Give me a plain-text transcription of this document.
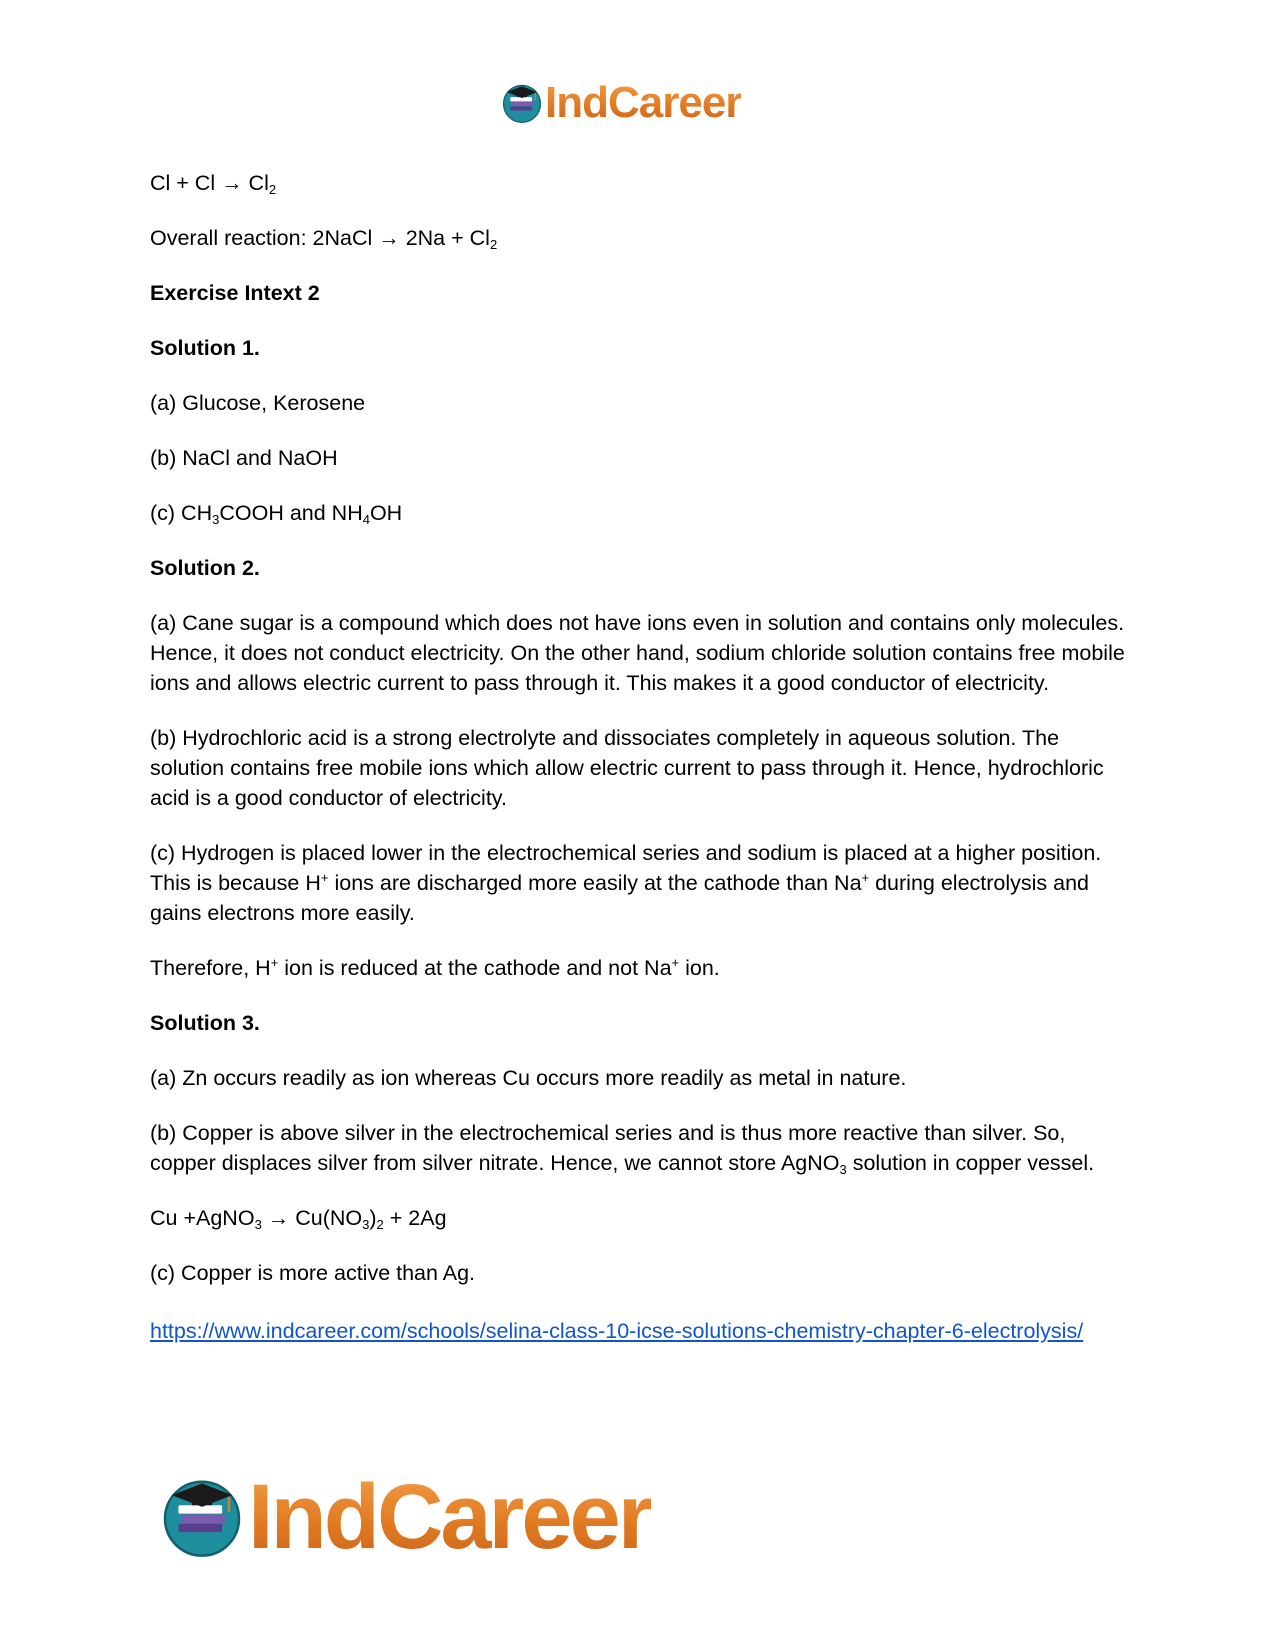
IndCareer

$Cl + Cl \to Cl_2$

Overall reaction: 2NaCl → $2Na + Cl_2$

Exercise Intext 2

Solution 1.

(a) Glucose, Kerosene

(b) NaCl and NaOH

(c) $CH_3COOH$ and $NH_4OH$

Solution 2.

(a) Cane sugar is a compound which does not have ions even in solution and contains only molecules. Hence, it does not conduct electricity. On the other hand, sodium chloride solution contains free mobile ions and allows electric current to pass through it. This makes it a good conductor of electricity.

(b) Hydrochloric acid is a strong electrolyte and dissociates completely in aqueous solution. The solution contains free mobile ions which allow electric current to pass through it. Hence, hydrochloric acid is a good conductor of electricity.

(c) Hydrogen is placed lower in the electrochemical series and sodium is placed at a higher position. This is because H+ ions are discharged more easily at the cathode than Na+ during electrolysis and gains electrons more easily.

Therefore, H+ ion is reduced at the cathode and not Na+ ion.

Solution 3.

(a) Zn occurs readily as ion whereas Cu occurs more readily as metal in nature.

(b) Copper is above silver in the electrochemical series and is thus more reactive than silver. So, copper displaces silver from silver nitrate. Hence, we cannot store AgNO$_3$ solution in copper vessel.

Cu +AgNO$_3$ → $Cu(NO_3)_2 + 2Ag$

(c) Copper is more active than Ag.

https://www.indcareer.com/schools/selina-class-10-icse-solutions-chemistry-chapter-6-electrolysis/

IndCareer
